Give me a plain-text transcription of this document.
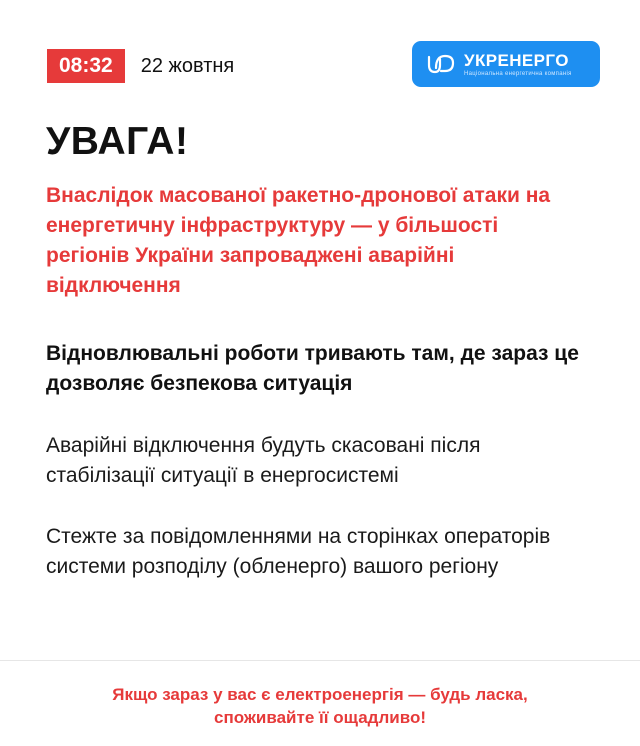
08:32	22 жовтня	УКРЕНЕРГО
Національна енергетична компанія
УВАГА!

Внаслідок масованої ракетно-дронової атаки на енергетичну інфраструктуру — у більшості регіонів України запроваджені аварійні відключення

Відновлювальні роботи тривають там, де зараз це дозволяє безпекова ситуація

Аварійні відключення будуть скасовані після стабілізації ситуації в енергосистемі

Стежте за повідомленнями на сторінках операторів системи розподілу (обленерго) вашого регіону

Якщо зараз у вас є електроенергія — будь ласка,
споживайте її ощадливо!
